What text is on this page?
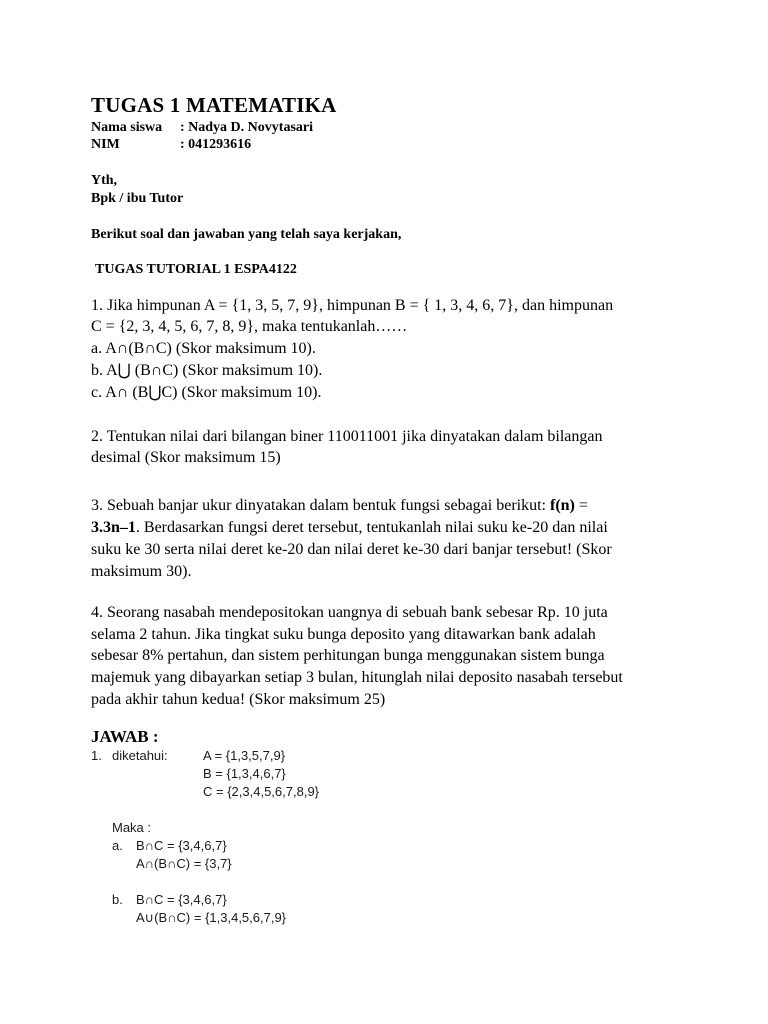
TUGAS 1 MATEMATIKA
Nama siswa : Nadya D. Novytasari
NIM	: 041293616
Yth,
Bpk / ibu Tutor
Berikut soal dan jawaban yang telah saya kerjakan,
TUGAS TUTORIAL 1 ESPA4122
1. Jika himpunan A = {1, 3, 5, 7, 9}, himpunan B = { 1, 3, 4, 6, 7}, dan himpunan
C = {2, 3, 4, 5, 6, 7, 8, 9}, maka tentukanlah……
a. A∩(B∩C) (Skor maksimum 10).
b. A⋃ (B∩C) (Skor maksimum 10).
c. A∩ (B⋃C) (Skor maksimum 10).
2. Tentukan nilai dari bilangan biner 110011001 jika dinyatakan dalam bilangan
desimal (Skor maksimum 15)
3. Sebuah banjar ukur dinyatakan dalam bentuk fungsi sebagai berikut: f(n) =
3.3n–1. Berdasarkan fungsi deret tersebut, tentukanlah nilai suku ke-20 dan nilai
suku ke 30 serta nilai deret ke-20 dan nilai deret ke-30 dari banjar tersebut! (Skor
maksimum 30).
4. Seorang nasabah mendepositokan uangnya di sebuah bank sebesar Rp. 10 juta
selama 2 tahun. Jika tingkat suku bunga deposito yang ditawarkan bank adalah
sebesar 8% pertahun, dan sistem perhitungan bunga menggunakan sistem bunga
majemuk yang dibayarkan setiap 3 bulan, hitunglah nilai deposito nasabah tersebut
pada akhir tahun kedua! (Skor maksimum 25)
JAWAB :
1. diketahui:	A = {1,3,5,7,9}
B = {1,3,4,6,7}
C = {2,3,4,5,6,7,8,9}
Maka :
a. B∩C = {3,4,6,7}
A∩(B∩C) = {3,7}
b. B∩C = {3,4,6,7}
A∪(B∩C) = {1,3,4,5,6,7,9}
